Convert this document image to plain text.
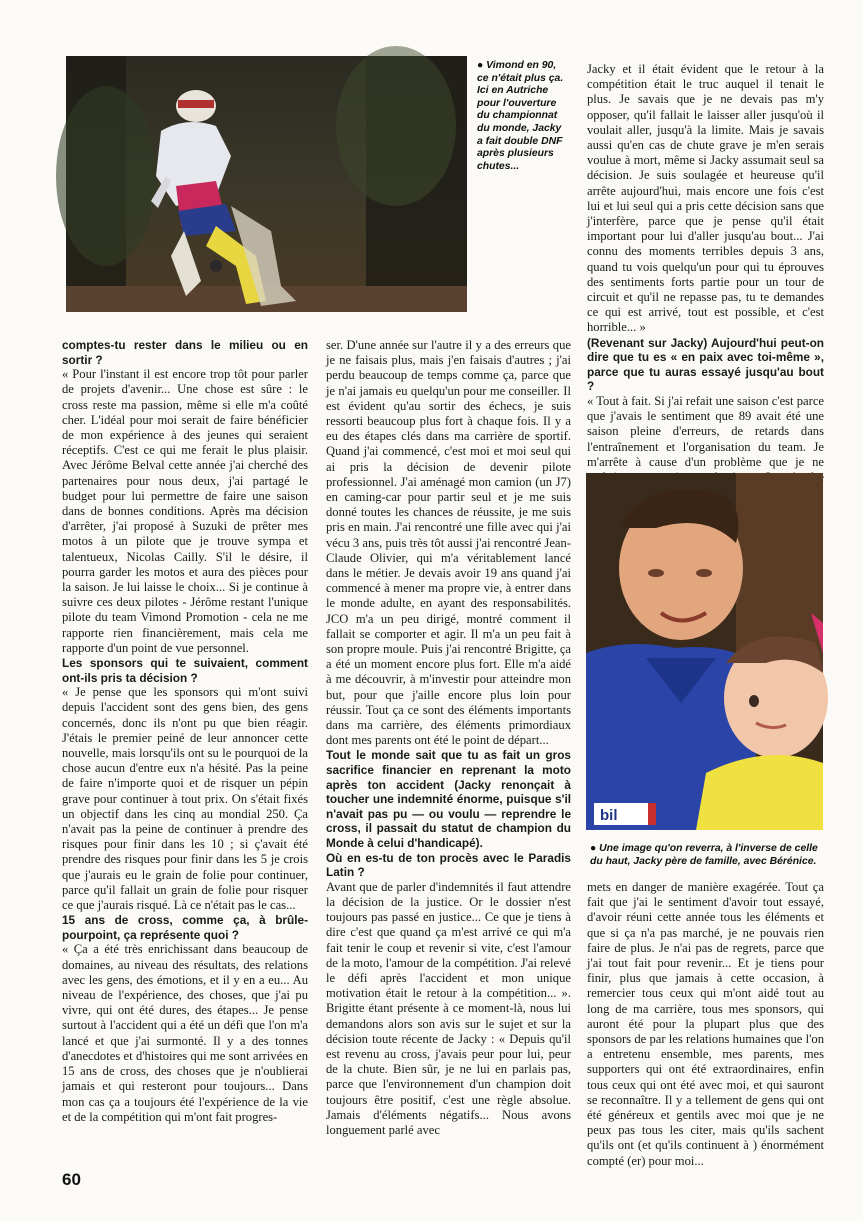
● Vimond en 90, ce n'était plus ça. Ici en Autriche pour l'ouverture du championnat du monde, Jacky a fait double DNF après plusieurs chutes...

comptes-tu rester dans le milieu ou en sortir ?

« Pour l'instant il est encore trop tôt pour parler de projets d'avenir... Une chose est sûre : le cross reste ma passion, même si elle m'a coûté cher. L'idéal pour moi serait de faire bénéficier de mon expérience à des jeunes qui seraient réceptifs. C'est ce qui me ferait le plus plaisir. Avec Jérôme Belval cette année j'ai cherché des partenaires pour nous deux, j'ai partagé le budget pour lui permettre de faire une saison dans de bonnes conditions. Après ma décision d'arrêter, j'ai proposé à Suzuki de prêter mes motos à un pilote que je trouve sympa et talentueux, Nicolas Cailly. S'il le désire, il pourra garder les motos et aura des pièces pour la saison. Je lui laisse le choix... Si je continue à suivre ces deux pilotes - Jérôme restant l'unique pilote du team Vimond Promotion - cela ne me rapporte rien financièrement, mais cela me rapporte d'un point de vue personnel.

Les sponsors qui te suivaient, comment ont-ils pris ta décision ?

« Je pense que les sponsors qui m'ont suivi depuis l'accident sont des gens bien, des gens concernés, donc ils n'ont pu que bien réagir. J'étais le premier peiné de leur annoncer cette nouvelle, mais lorsqu'ils ont su le pourquoi de la chose aucun d'entre eux n'a hésité. Pas la peine de faire n'importe quoi et de risquer un pépin grave pour continuer à tout prix. On s'était fixés un objectif dans les cinq au mondial 250. Ça n'avait pas la peine de continuer à prendre des risques pour finir dans les 10 ; si ç'avait été prendre des risques pour finir dans les 5 je crois que j'aurais eu le grain de folie pour continuer, parce qu'il fallait un grain de folie pour risquer ce que j'aurais risqué. Là ce n'était pas le cas...

15 ans de cross, comme ça, à brûle-pourpoint, ça représente quoi ?

« Ça a été très enrichissant dans beaucoup de domaines, au niveau des résultats, des relations avec les gens, des émotions, et il y en a eu... Au niveau de l'expérience, des choses, que j'ai pu vivre, qui ont été dures, des étapes... Je pense surtout à l'accident qui a été un défi que l'on m'a lancé et que j'ai surmonté. Il y a des tonnes d'anecdotes et d'histoires qui me sont arrivées en 15 ans de cross, des choses que je n'oublierai jamais et qui resteront pour toujours... Dans mon cas ça a toujours été l'expérience de la vie et de la compétition qui m'ont fait progres-

ser. D'une année sur l'autre il y a des erreurs que je ne faisais plus, mais j'en faisais d'autres ; j'ai perdu beaucoup de temps comme ça, parce que je n'ai jamais eu quelqu'un pour me conseiller. Il est évident qu'au sortir des échecs, je suis ressorti beaucoup plus fort à chaque fois. Il y a eu des étapes clés dans ma carrière de sportif. Quand j'ai commencé, c'est moi et moi seul qui ai pris la décision de devenir pilote professionnel. J'ai aménagé mon camion (un J7) en caming-car pour partir seul et je me suis donné toutes les chances de réussite, je me suis pris en main. J'ai rencontré une fille avec qui j'ai vécu 3 ans, puis très tôt aussi j'ai rencontré Jean-Claude Olivier, qui m'a véritablement lancé dans le métier. Je devais avoir 19 ans quand j'ai commencé à mener ma propre vie, à entrer dans le monde adulte, en ayant des responsabilités. JCO m'a un peu dirigé, montré comment il fallait se comporter et agir. Il m'a un peu fait à son propre moule. Puis j'ai rencontré Brigitte, ça a été un moment encore plus fort. Elle m'a aidé à me découvrir, à m'investir pour atteindre mon but, pour que j'aille encore plus loin pour réussir. Tout ça ce sont des éléments importants dans ma carrière, des éléments primordiaux dont mes parents ont été le point de départ...

Tout le monde sait que tu as fait un gros sacrifice financier en reprenant la moto après ton accident (Jacky renonçait à toucher une indemnité énorme, puisque s'il n'avait pas pu — ou voulu — reprendre le cross, il passait du statut de champion du Monde à celui d'handicapé).

Où en es-tu de ton procès avec le Paradis Latin ?

Avant que de parler d'indemnités il faut attendre la décision de la justice. Or le dossier n'est toujours pas passé en justice... Ce que je tiens à dire c'est que quand ça m'est arrivé ce qui m'a fait tenir le coup et revenir si vite, c'est l'amour de la moto, l'amour de la compétition. J'ai relevé le défi après l'accident et mon unique motivation était le retour à la compétition... ». Brigitte étant présente à ce moment-là, nous lui demandons alors son avis sur le sujet et sur la décision toute récente de Jacky : « Depuis qu'il est revenu au cross, j'avais peur pour lui, peur de la chute. Bien sûr, je ne lui en parlais pas, parce que l'environnement d'un champion doit toujours être positif, c'est une règle absolue. Jamais d'éléments négatifs... Nous avons longuement parlé avec

Jacky et il était évident que le retour à la compétition était le truc auquel il tenait le plus. Je savais que je ne devais pas m'y opposer, qu'il fallait le laisser aller jusqu'où il voulait aller, jusqu'à la limite. Mais je savais aussi qu'en cas de chute grave je m'en serais voulue à mort, même si Jacky assumait seul sa décision. Je suis soulagée et heureuse qu'il arrête aujourd'hui, mais encore une fois c'est lui et lui seul qui a pris cette décision sans que j'interfère, parce que je pense qu'il était important pour lui d'aller jusqu'au bout... J'ai connu des moments terribles depuis 3 ans, quand tu vois quelqu'un pour qui tu éprouves des sentiments forts partie pour un tour de circuit et qu'il ne repasse pas, tu te demandes ce qui est arrivé, tout est possible, et c'est horrible... »

(Revenant sur Jacky) Aujourd'hui peut-on dire que tu es « en paix avec toi-même », parce que tu auras essayé jusqu'au bout ?

« Tout à fait. Si j'ai refait une saison c'est parce que j'avais le sentiment que 89 avait été une saison pleine d'erreurs, de retards dans l'entraînement et l'organisation du team. Je m'arrête à cause d'un problème que je ne

bil
● Une image qu'on reverra, à l'inverse de celle du haut, Jacky père de famille, avec Bérénice.

mets en danger de manière exagérée. Tout ça fait que j'ai le sentiment d'avoir tout essayé, d'avoir réuni cette année tous les éléments et que si ça n'a pas marché, je ne pouvais rien faire de plus. Je n'ai pas de regrets, parce que j'ai tout fait pour revenir... Et je tiens pour finir, plus que jamais à cette occasion, à remercier tous ceux qui m'ont aidé tout au long de ma carrière, tous mes sponsors, qui auront été pour la plupart plus que des sponsors de par les relations humaines que l'on a entretenu ensemble, mes parents, mes supporters qui ont été extraordinaires, enfin tous ceux qui ont été avec moi, et qui sauront se reconnaître. Il y a tellement de gens qui ont été généreux et gentils avec moi que je ne peux pas tous les citer, mais qu'ils sachent qu'ils ont (et qu'ils continuent à ) énormément compté (er) pour moi...

60
